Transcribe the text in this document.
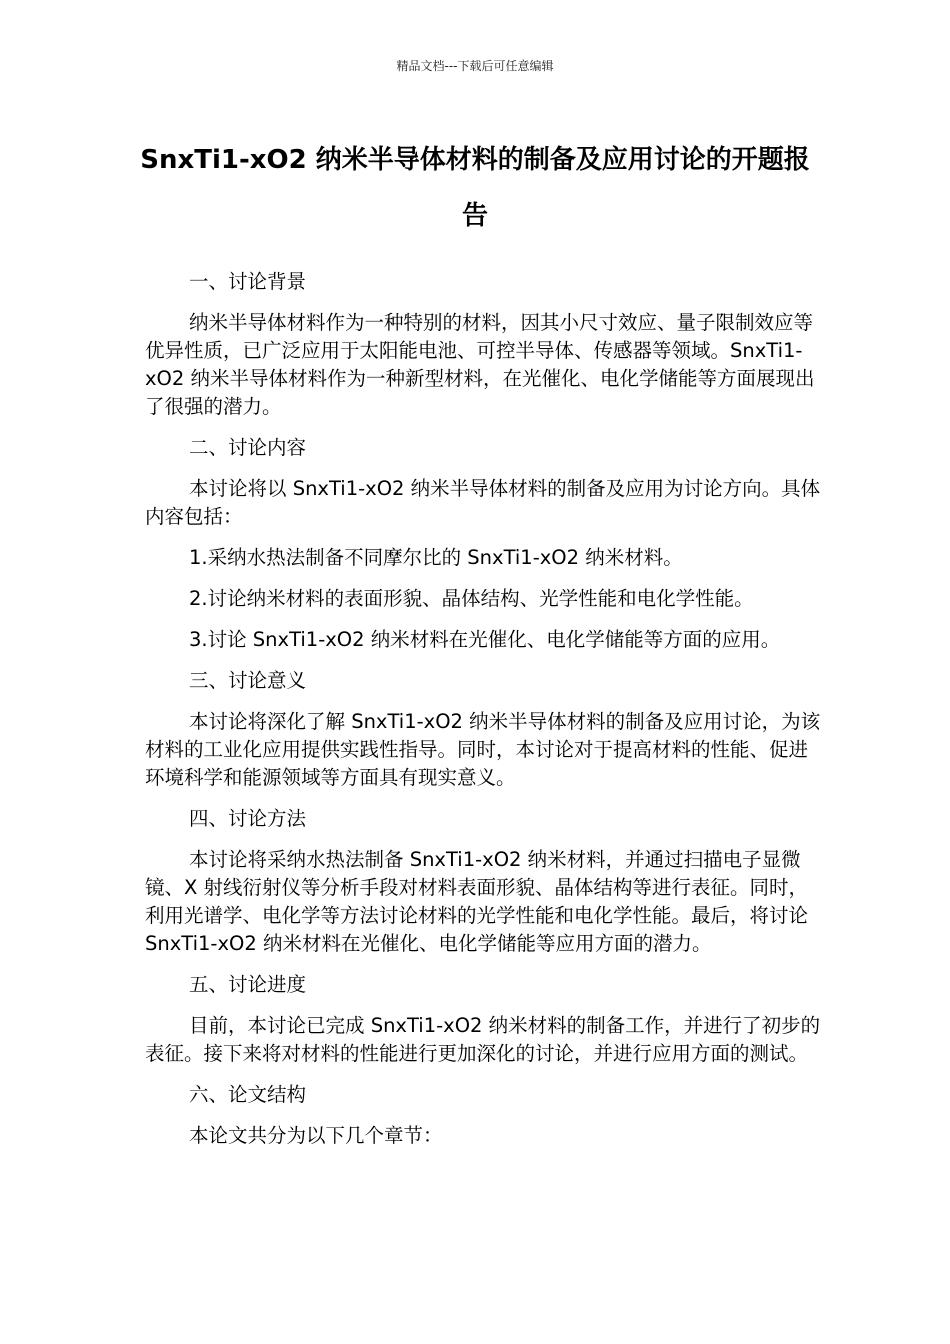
精品文档---下载后可任意编辑
SnxTi1-xO2 纳米半导体材料的制备及应用讨论的开题报告

一、讨论背景

纳米半导体材料作为一种特别的材料，因其小尺寸效应、量子限制效应等优异性质，已广泛应用于太阳能电池、可控半导体、传感器等领域。SnxTi1-xO2 纳米半导体材料作为一种新型材料，在光催化、电化学储能等方面展现出了很强的潜力。

二、讨论内容

本讨论将以 SnxTi1-xO2 纳米半导体材料的制备及应用为讨论方向。具体内容包括：

1.采纳水热法制备不同摩尔比的 SnxTi1-xO2 纳米材料。

2.讨论纳米材料的表面形貌、晶体结构、光学性能和电化学性能。

3.讨论 SnxTi1-xO2 纳米材料在光催化、电化学储能等方面的应用。

三、讨论意义

本讨论将深化了解 SnxTi1-xO2 纳米半导体材料的制备及应用讨论，为该材料的工业化应用提供实践性指导。同时，本讨论对于提高材料的性能、促进环境科学和能源领域等方面具有现实意义。

四、讨论方法

本讨论将采纳水热法制备 SnxTi1-xO2 纳米材料，并通过扫描电子显微镜、X 射线衍射仪等分析手段对材料表面形貌、晶体结构等进行表征。同时，利用光谱学、电化学等方法讨论材料的光学性能和电化学性能。最后，将讨论 SnxTi1-xO2 纳米材料在光催化、电化学储能等应用方面的潜力。

五、讨论进度

目前，本讨论已完成 SnxTi1-xO2 纳米材料的制备工作，并进行了初步的表征。接下来将对材料的性能进行更加深化的讨论，并进行应用方面的测试。

六、论文结构

本论文共分为以下几个章节：
